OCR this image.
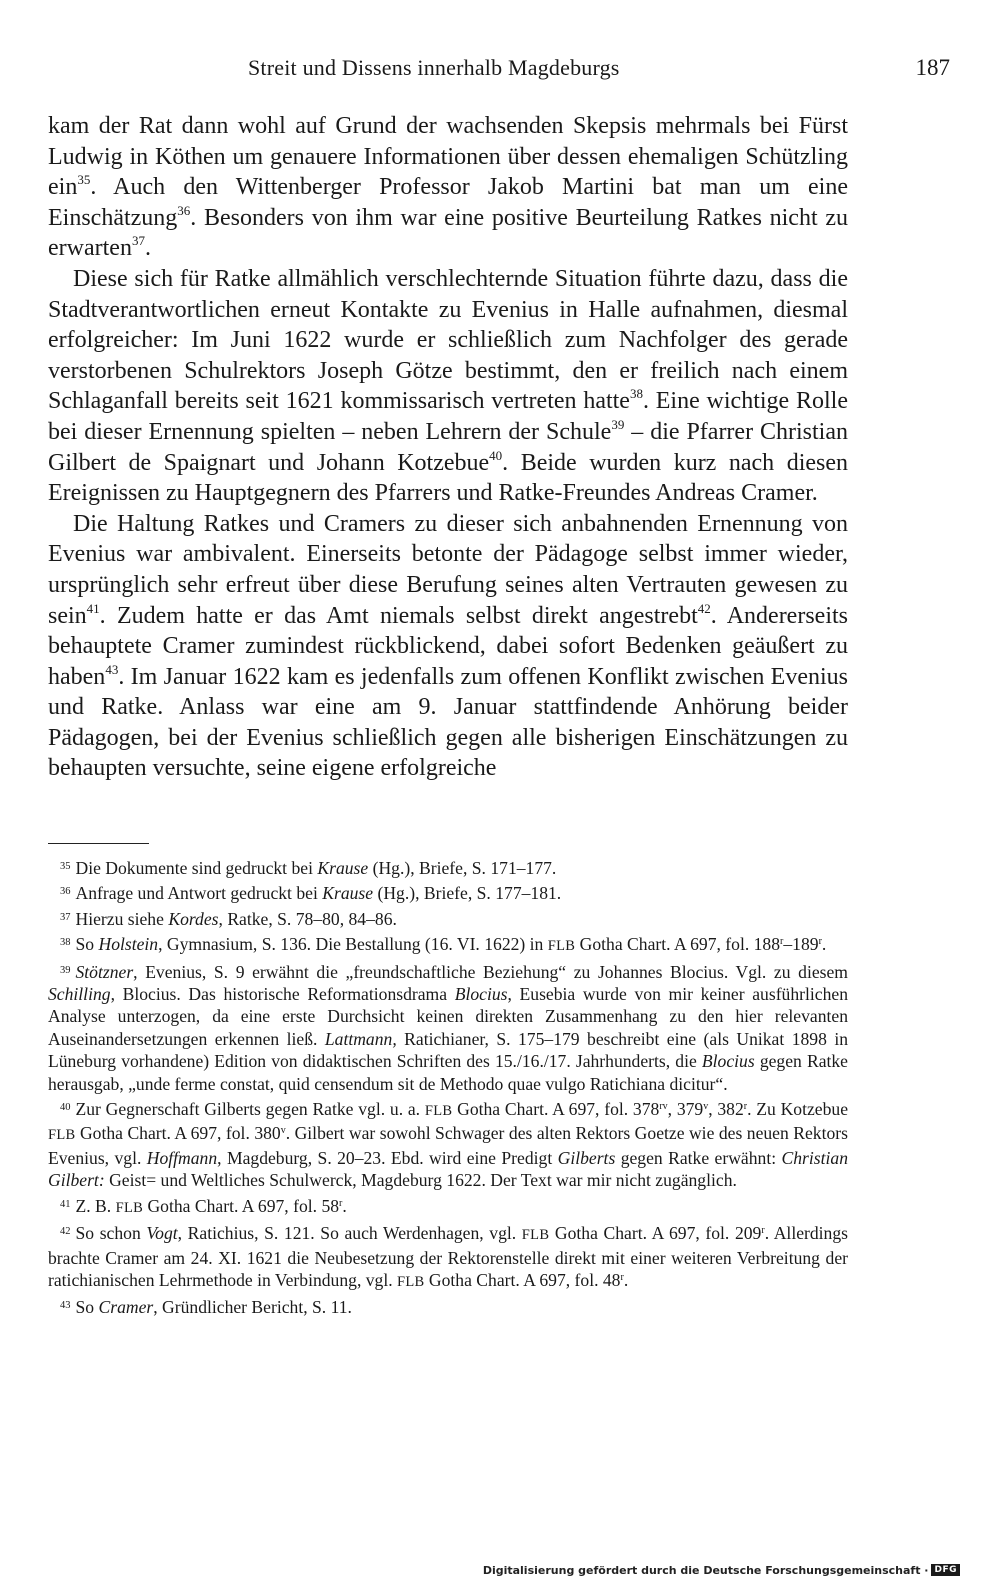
Streit und Dissens innerhalb Magdeburgs	187

kam der Rat dann wohl auf Grund der wachsenden Skepsis mehrmals bei Fürst Ludwig in Köthen um genauere Informationen über dessen ehemaligen Schützling ein$^{35}$. Auch den Wittenberger Professor Jakob Martini bat man um eine Einschätzung$^{36}$. Besonders von ihm war eine positive Beurteilung Ratkes nicht zu erwarten$^{37}$.

Diese sich für Ratke allmählich verschlechternde Situation führte dazu, dass die Stadtverantwortlichen erneut Kontakte zu Evenius in Halle aufnahmen, diesmal erfolgreicher: Im Juni 1622 wurde er schließlich zum Nachfolger des gerade verstorbenen Schulrektors Joseph Götze bestimmt, den er freilich nach einem Schlaganfall bereits seit 1621 kommissarisch vertreten hatte$^{38}$. Eine wichtige Rolle bei dieser Ernennung spielten – neben Lehrern der Schule$^{39}$ – die Pfarrer Christian Gilbert de Spaignart und Johann Kotzebue$^{40}$. Beide wurden kurz nach diesen Ereignissen zu Hauptgegnern des Pfarrers und Ratke-Freundes Andreas Cramer.

Die Haltung Ratkes und Cramers zu dieser sich anbahnenden Ernennung von Evenius war ambivalent. Einerseits betonte der Pädagoge selbst immer wieder, ursprünglich sehr erfreut über diese Berufung seines alten Vertrauten gewesen zu sein$^{41}$. Zudem hatte er das Amt niemals selbst direkt angestrebt$^{42}$. Andererseits behauptete Cramer zumindest rückblickend, dabei sofort Bedenken geäußert zu haben$^{43}$. Im Januar 1622 kam es jedenfalls zum offenen Konflikt zwischen Evenius und Ratke. Anlass war eine am 9. Januar stattfindende Anhörung beider Pädagogen, bei der Evenius schließlich gegen alle bisherigen Einschätzungen zu behaupten versuchte, seine eigene erfolgreiche

35 Die Dokumente sind gedruckt bei Krause (Hg.), Briefe, S. 171–177.

36 Anfrage und Antwort gedruckt bei Krause (Hg.), Briefe, S. 177–181.

37 Hierzu siehe Kordes, Ratke, S. 78–80, 84–86.

38 So Holstein, Gymnasium, S. 136. Die Bestallung (16. VI. 1622) in FLB Gotha Chart. A 697, fol. 188$^r$–189$^r$.

39 Stötzner, Evenius, S. 9 erwähnt die „freundschaftliche Beziehung“ zu Johannes Blocius. Vgl. zu diesem Schilling, Blocius. Das historische Reformationsdrama Blocius, Eusebia wurde von mir keiner ausführlichen Analyse unterzogen, da eine erste Durchsicht keinen direkten Zusammenhang zu den hier relevanten Auseinandersetzungen erkennen ließ. Lattmann, Ratichianer, S. 175–179 beschreibt eine (als Unikat 1898 in Lüneburg vorhandene) Edition von didaktischen Schriften des 15./16./17. Jahrhunderts, die Blocius gegen Ratke herausgab, „unde ferme constat, quid censendum sit de Methodo quae vulgo Ratichiana dicitur“.

40 Zur Gegnerschaft Gilberts gegen Ratke vgl. u. a. FLB Gotha Chart. A 697, fol. $378^{rv}$, 379$^v$, 382$^r$. Zu Kotzebue FLB Gotha Chart. A 697, fol. 380$^v$. Gilbert war sowohl Schwager des alten Rektors Goetze wie des neuen Rektors Evenius, vgl. Hoffmann, Magdeburg, S. 20–23. Ebd. wird eine Predigt Gilberts gegen Ratke erwähnt: Christian Gilbert: Geist= und Weltliches Schulwerck, Magdeburg 1622. Der Text war mir nicht zugänglich.

41 Z. B. FLB Gotha Chart. A 697, fol. 58$^r$.

42 So schon Vogt, Ratichius, S. 121. So auch Werdenhagen, vgl. FLB Gotha Chart. A 697, fol. 209$^r$. Allerdings brachte Cramer am 24. XI. 1621 die Neubesetzung der Rektorenstelle direkt mit einer weiteren Verbreitung der ratichianischen Lehrmethode in Verbindung, vgl. FLB Gotha Chart. A 697, fol. 48$^r$.

43 So Cramer, Gründlicher Bericht, S. 11.

Digitalisierung gefördert durch die Deutsche Forschungsgemeinschaft · DFG
